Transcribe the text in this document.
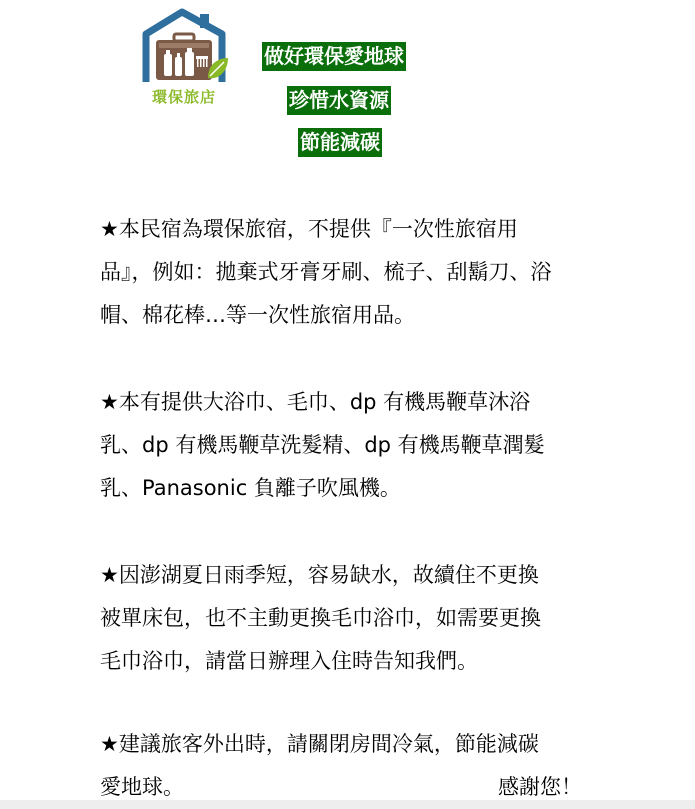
環保旅店
做好環保愛地球
珍惜水資源
節能減碳
★本民宿為環保旅宿，不提供『一次性旅宿用
品』，例如：拋棄式牙膏牙刷、梳子、刮鬍刀、浴
帽、棉花棒…等一次性旅宿用品。
★本有提供大浴巾、毛巾、dp 有機馬鞭草沐浴
乳、dp 有機馬鞭草洗髮精、dp 有機馬鞭草潤髮
乳、Panasonic 負離子吹風機。
★因澎湖夏日雨季短，容易缺水，故續住不更換
被單床包，也不主動更換毛巾浴巾，如需要更換
毛巾浴巾，請當日辦理入住時告知我們。
★建議旅客外出時，請關閉房間冷氣，節能減碳
愛地球。	感謝您！
